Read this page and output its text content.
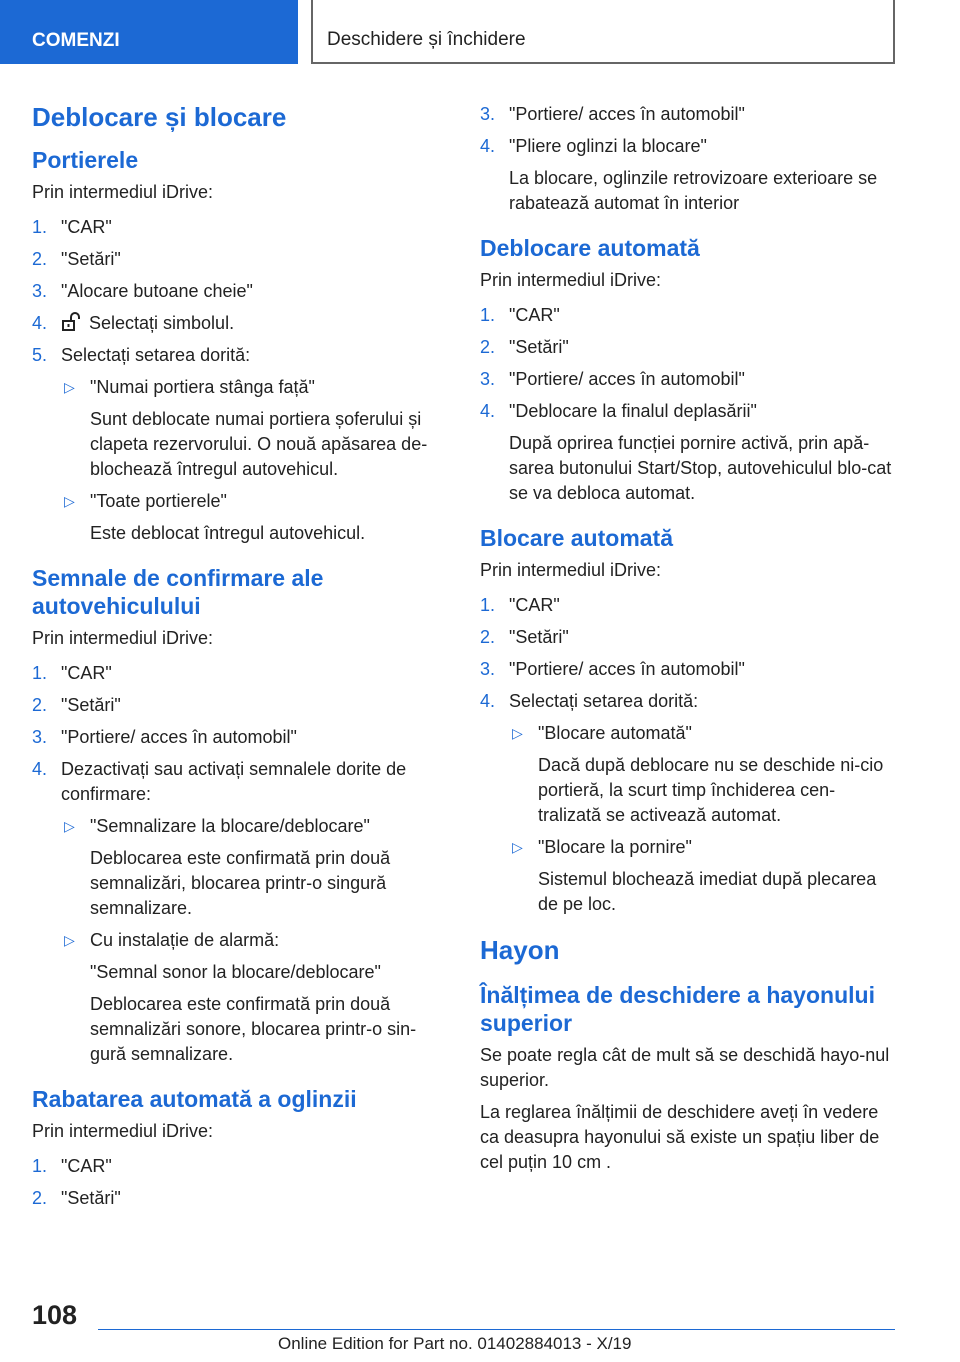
COMENZI	Deschidere și închidere
Deblocare și blocare
Portierele

Prin intermediul iDrive:

1. "CAR"
2. "Setări"
3. "Alocare butoane cheie"
4. Selectați simbolul.
5. Selectați setarea dorită:
▷ "Numai portiera stânga față"
Sunt deblocate numai portiera șoferului și clapeta rezervorului. O nouă apăsarea de-blochează întregul autovehicul.
▷ "Toate portierele"
Este deblocat întregul autovehicul.
Semnale de confirmare ale autovehiculului

Prin intermediul iDrive:

1. "CAR"
2. "Setări"
3. "Portiere/ acces în automobil"
4. Dezactivați sau activați semnalele dorite de confirmare:
▷ "Semnalizare la blocare/deblocare"
Deblocarea este confirmată prin două semnalizări, blocarea printr-o singură semnalizare.
▷ Cu instalație de alarmă:
"Semnal sonor la blocare/deblocare"
Deblocarea este confirmată prin două semnalizări sonore, blocarea printr-o sin-gură semnalizare.
Rabatarea automată a oglinzii

Prin intermediul iDrive:

1. "CAR"
2. "Setări"
3. "Portiere/ acces în automobil"
4. "Pliere oglinzi la blocare"
La blocare, oglinzile retrovizoare exterioare se rabatează automat în interior
Deblocare automată

Prin intermediul iDrive:

1. "CAR"
2. "Setări"
3. "Portiere/ acces în automobil"
4. "Deblocare la finalul deplasării"
După oprirea funcției pornire activă, prin apă-sarea butonului Start/Stop, autovehiculul blo-cat se va debloca automat.
Blocare automată

Prin intermediul iDrive:

1. "CAR"
2. "Setări"
3. "Portiere/ acces în automobil"
4. Selectați setarea dorită:
▷ "Blocare automată"
Dacă după deblocare nu se deschide ni-cio portieră, la scurt timp închiderea cen-tralizată se activează automat.
▷ "Blocare la pornire"
Sistemul blochează imediat după plecarea de pe loc.
Hayon
Înălțimea de deschidere a hayonului superior

Se poate regla cât de mult să se deschidă hayo-nul superior.

La reglarea înălțimii de deschidere aveți în vedere ca deasupra hayonului să existe un spațiu liber de cel puțin 10 cm .

108
Online Edition for Part no. 01402884013 - X/19
